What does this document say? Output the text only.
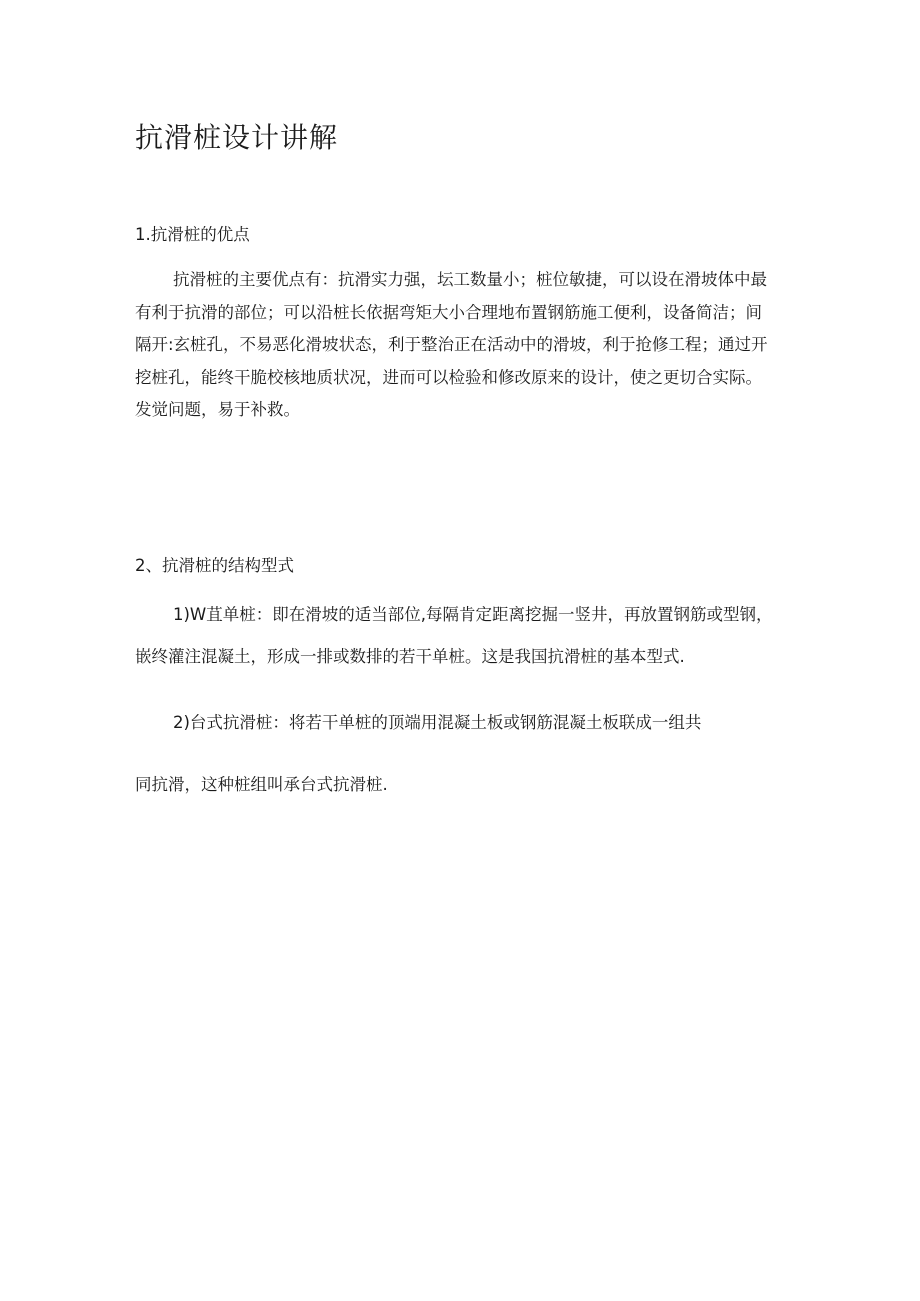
抗滑桩设计讲解
1.抗滑桩的优点
抗滑桩的主要优点有：抗滑实力强，坛工数量小；桩位敏捷，可以设在滑坡体中最
有利于抗滑的部位；可以沿桩长依据弯矩大小合理地布置钢筋施工便利，设备简洁；间
隔开:玄桩孔，不易恶化滑坡状态，利于整治正在活动中的滑坡，利于抢修工程；通过开
挖桩孔，能终干脆校核地质状况，进而可以检验和修改原来的设计，使之更切合实际。
发觉问题，易于补救。
2、抗滑桩的结构型式
1)W苴单桩：即在滑坡的适当部位,每隔肯定距离挖掘一竖井，再放置钢筋或型钢，
嵌终灌注混凝土，形成一排或数排的若干单桩。这是我国抗滑桩的基本型式.
2)台式抗滑桩：将若干单桩的顶端用混凝土板或钢筋混凝土板联成一组共

同抗滑，这种桩组叫承台式抗滑桩.
